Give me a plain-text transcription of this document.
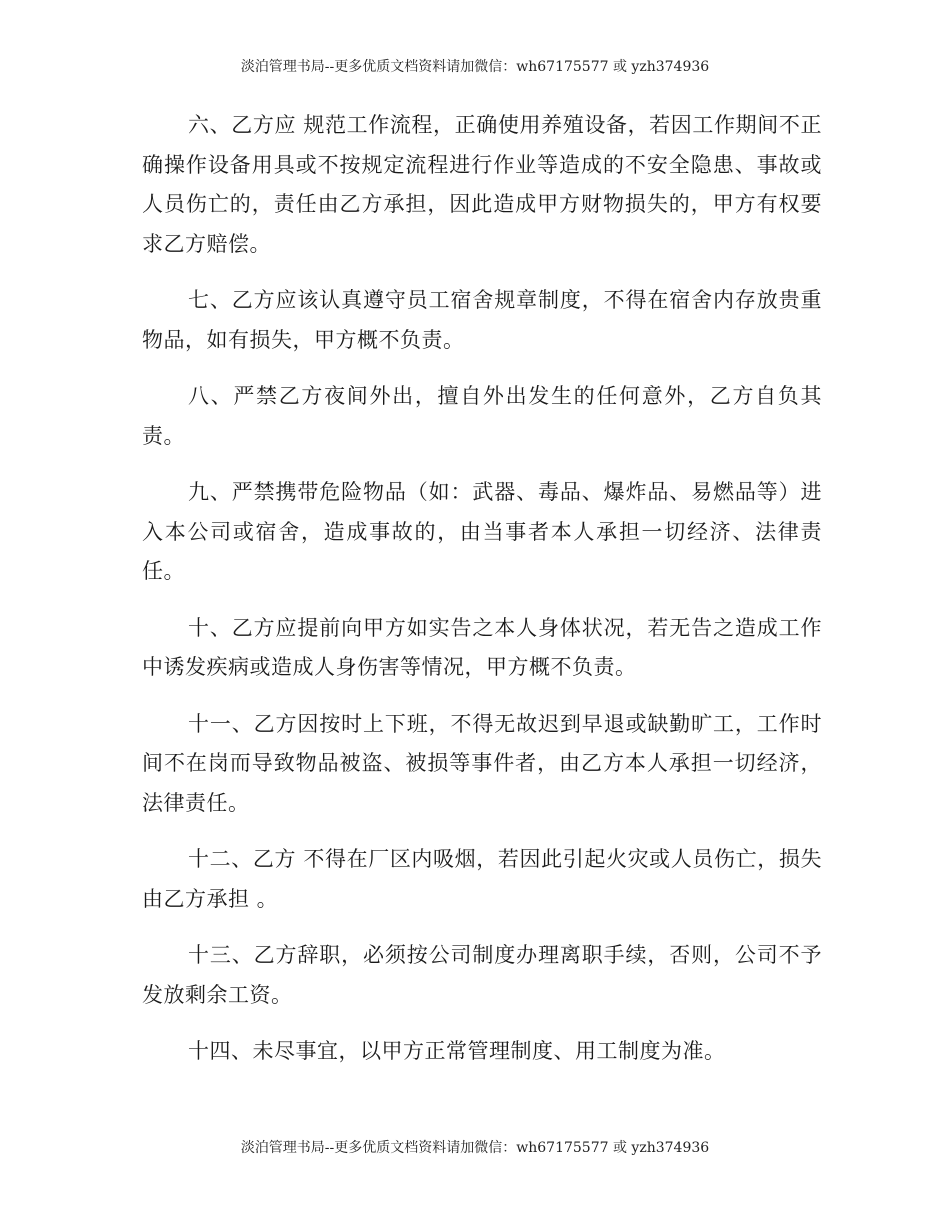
淡泊管理书局--更多优质文档资料请加微信：wh67175577 或 yzh374936

六、乙方应 规范工作流程，正确使用养殖设备，若因工作期间不正确操作设备用具或不按规定流程进行作业等造成的不安全隐患、事故或人员伤亡的，责任由乙方承担，因此造成甲方财物损失的，甲方有权要求乙方赔偿。

七、乙方应该认真遵守员工宿舍规章制度，不得在宿舍内存放贵重物品，如有损失，甲方概不负责。

八、严禁乙方夜间外出，擅自外出发生的任何意外，乙方自负其责。

九、严禁携带危险物品（如：武器、毒品、爆炸品、易燃品等）进入本公司或宿舍，造成事故的，由当事者本人承担一切经济、法律责任。

十、乙方应提前向甲方如实告之本人身体状况，若无告之造成工作中诱发疾病或造成人身伤害等情况，甲方概不负责。

十一、乙方因按时上下班，不得无故迟到早退或缺勤旷工，工作时间不在岗而导致物品被盗、被损等事件者，由乙方本人承担一切经济，法律责任。

十二、乙方 不得在厂区内吸烟，若因此引起火灾或人员伤亡，损失由乙方承担 。

十三、乙方辞职，必须按公司制度办理离职手续，否则，公司不予发放剩余工资。

十四、未尽事宜，以甲方正常管理制度、用工制度为准。

淡泊管理书局--更多优质文档资料请加微信：wh67175577 或 yzh374936
